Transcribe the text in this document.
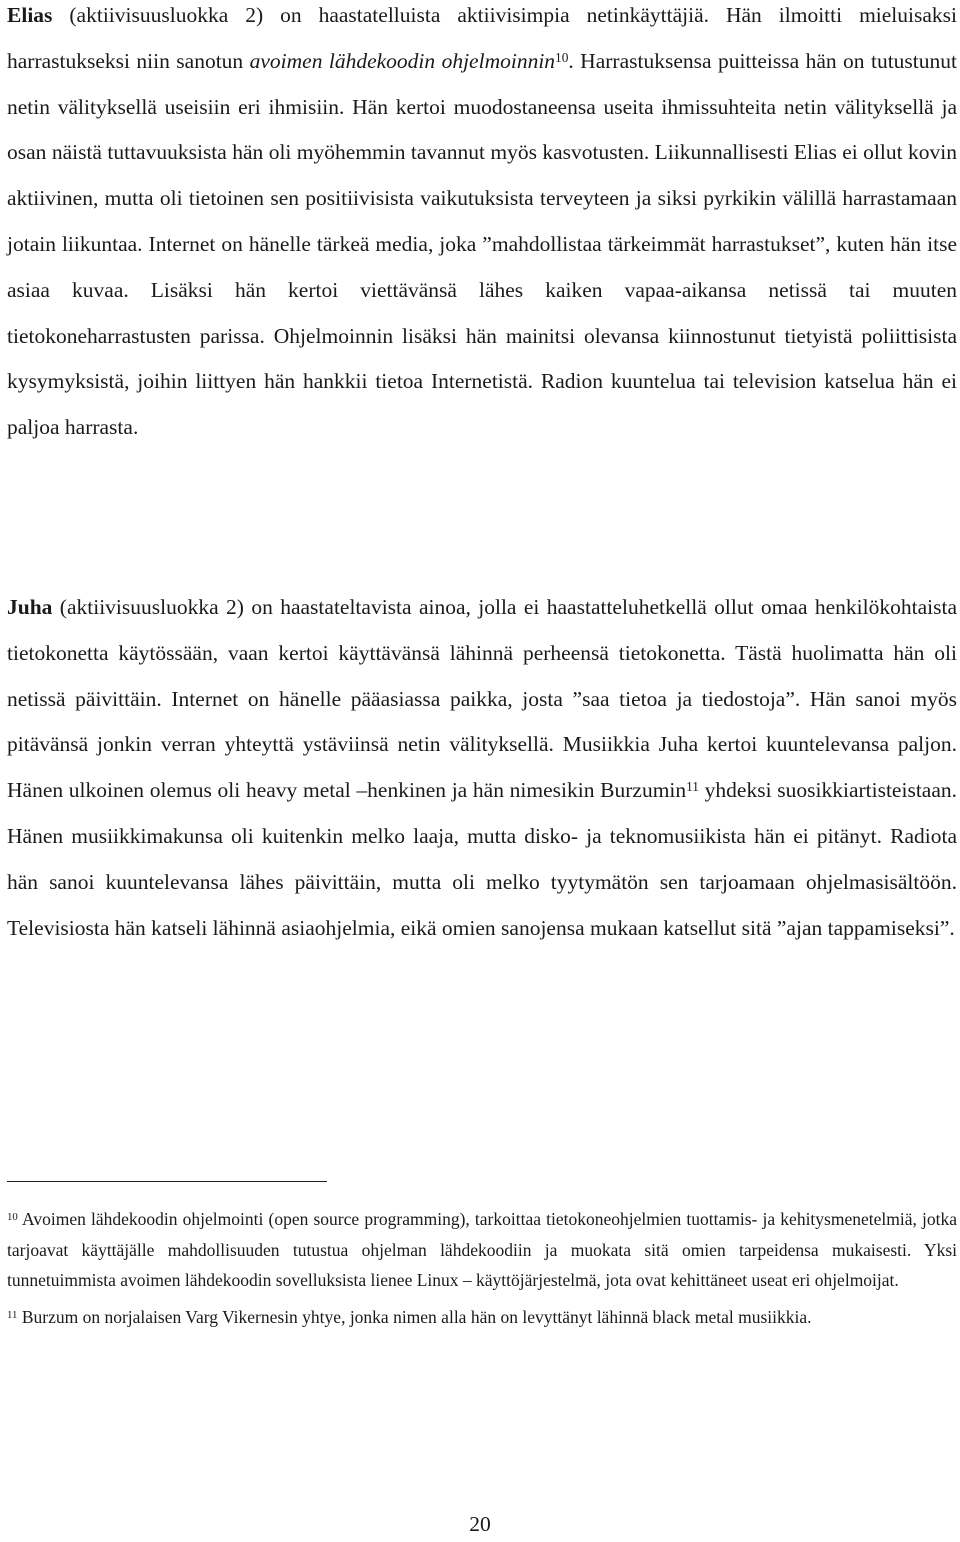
Elias (aktiivisuusluokka 2) on haastatelluista aktiivisimpia netinkäyttäjiä. Hän ilmoitti mieluisaksi harrastukseksi niin sanotun avoimen lähdekoodin ohjelmoinnin$^{10}$. Harrastuksensa puitteissa hän on tutustunut netin välityksellä useisiin eri ihmisiin. Hän kertoi muodostaneensa useita ihmissuhteita netin välityksellä ja osan näistä tuttavuuksista hän oli myöhemmin tavannut myös kasvotusten. Liikunnallisesti Elias ei ollut kovin aktiivinen, mutta oli tietoinen sen positiivisista vaikutuksista terveyteen ja siksi pyrkikin välillä harrastamaan jotain liikuntaa. Internet on hänelle tärkeä media, joka ”mahdollistaa tärkeimmät harrastukset”, kuten hän itse asiaa kuvaa. Lisäksi hän kertoi viettävänsä lähes kaiken vapaa-aikansa netissä tai muuten tietokoneharrastusten parissa. Ohjelmoinnin lisäksi hän mainitsi olevansa kiinnostunut tietyistä poliittisista kysymyksistä, joihin liittyen hän hankkii tietoa Internetistä. Radion kuuntelua tai television katselua hän ei paljoa harrasta.

Juha (aktiivisuusluokka 2) on haastateltavista ainoa, jolla ei haastatteluhetkellä ollut omaa henkilökohtaista tietokonetta käytössään, vaan kertoi käyttävänsä lähinnä perheensä tietokonetta. Tästä huolimatta hän oli netissä päivittäin. Internet on hänelle pääasiassa paikka, josta ”saa tietoa ja tiedostoja”. Hän sanoi myös pitävänsä jonkin verran yhteyttä ystäviinsä netin välityksellä. Musiikkia Juha kertoi kuuntelevansa paljon. Hänen ulkoinen olemus oli heavy metal –henkinen ja hän nimesikin Burzumin$^{11}$ yhdeksi suosikkiartisteistaan. Hänen musiikkimakunsa oli kuitenkin melko laaja, mutta disko- ja teknomusiikista hän ei pitänyt. Radiota hän sanoi kuuntelevansa lähes päivittäin, mutta oli melko tyytymätön sen tarjoamaan ohjelmasisältöön. Televisiosta hän katseli lähinnä asiaohjelmia, eikä omien sanojensa mukaan katsellut sitä ”ajan tappamiseksi”.

$^{10}$ Avoimen lähdekoodin ohjelmointi (open source programming), tarkoittaa tietokoneohjelmien tuottamis- ja kehitysmenetelmiä, jotka tarjoavat käyttäjälle mahdollisuuden tutustua ohjelman lähdekoodiin ja muokata sitä omien tarpeidensa mukaisesti. Yksi tunnetuimmista avoimen lähdekoodin sovelluksista lienee Linux – käyttöjärjestelmä, jota ovat kehittäneet useat eri ohjelmoijat.

$^{11}$ Burzum on norjalaisen Varg Vikernesin yhtye, jonka nimen alla hän on levyttänyt lähinnä black metal musiikkia.

20
